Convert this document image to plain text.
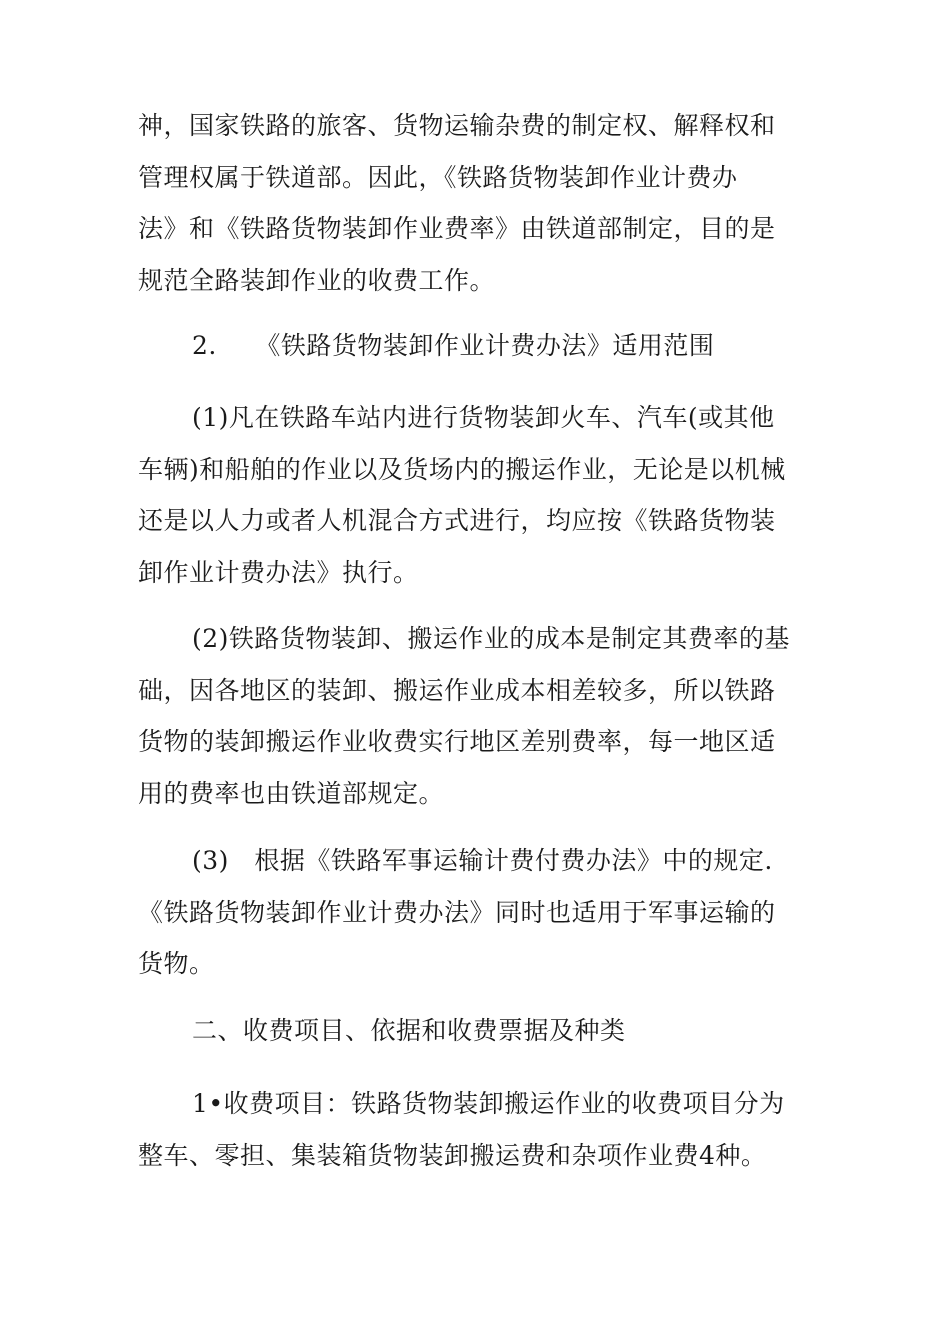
神，国家铁路的旅客、货物运输杂费的制定权、解释权和
管理权属于铁道部。因此，《铁路货物装卸作业计费办
法》和《铁路货物装卸作业费率》由铁道部制定，目的是
规范全路装卸作业的收费工作。
2.　　《铁路货物装卸作业计费办法》适用范围
(1)凡在铁路车站内进行货物装卸火车、汽车(或其他
车辆)和船舶的作业以及货场内的搬运作业，无论是以机械
还是以人力或者人机混合方式进行，均应按《铁路货物装
卸作业计费办法》执行。
(2)铁路货物装卸、搬运作业的成本是制定其费率的基
础，因各地区的装卸、搬运作业成本相差较多，所以铁路
货物的装卸搬运作业收费实行地区差别费率，每一地区适
用的费率也由铁道部规定。
(3)　根据《铁路军事运输计费付费办法》中的规定.
《铁路货物装卸作业计费办法》同时也适用于军事运输的
货物。
二、收费项目、依据和收费票据及种类
1•收费项目：铁路货物装卸搬运作业的收费项目分为
整车、零担、集装箱货物装卸搬运费和杂项作业费4种。
